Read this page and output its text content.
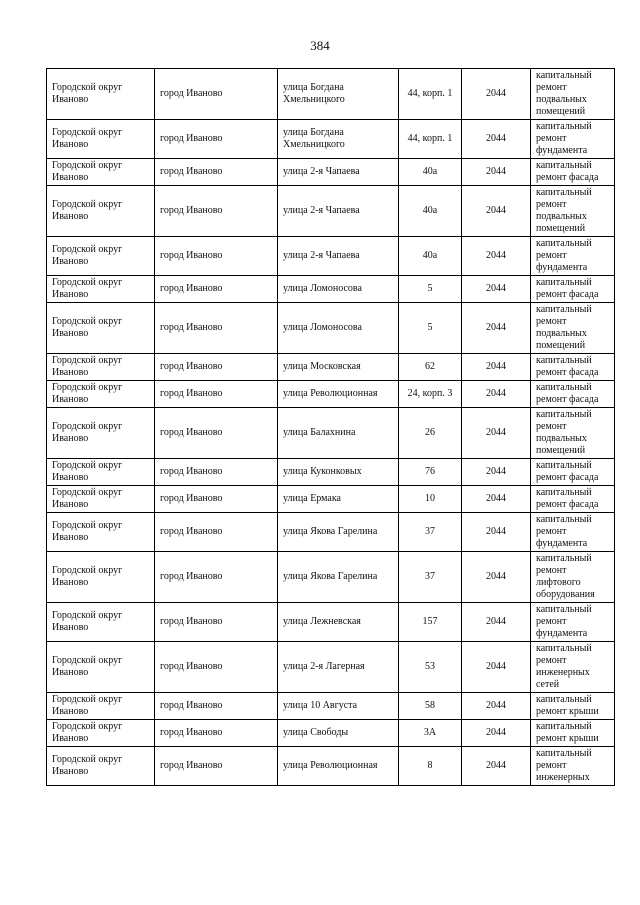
384
Городской округ Иваново	город Иваново	улица Богдана Хмельницкого	44, корп. 1	2044	капитальный ремонт подвальных помещений
Городской округ Иваново	город Иваново	улица Богдана Хмельницкого	44, корп. 1	2044	капитальный ремонт фундамента
Городской округ Иваново	город Иваново	улица 2-я Чапаева	40а	2044	капитальный ремонт фасада
Городской округ Иваново	город Иваново	улица 2-я Чапаева	40а	2044	капитальный ремонт подвальных помещений
Городской округ Иваново	город Иваново	улица 2-я Чапаева	40а	2044	капитальный ремонт фундамента
Городской округ Иваново	город Иваново	улица Ломоносова	5	2044	капитальный ремонт фасада
Городской округ Иваново	город Иваново	улица Ломоносова	5	2044	капитальный ремонт подвальных помещений
Городской округ Иваново	город Иваново	улица Московская	62	2044	капитальный ремонт фасада
Городской округ Иваново	город Иваново	улица Революционная	24, корп. 3	2044	капитальный ремонт фасада
Городской округ Иваново	город Иваново	улица Балахнина	26	2044	капитальный ремонт подвальных помещений
Городской округ Иваново	город Иваново	улица Куконковых	76	2044	капитальный ремонт фасада
Городской округ Иваново	город Иваново	улица Ермака	10	2044	капитальный ремонт фасада
Городской округ Иваново	город Иваново	улица Якова Гарелина	37	2044	капитальный ремонт фундамента
Городской округ Иваново	город Иваново	улица Якова Гарелина	37	2044	капитальный ремонт лифтового оборудования
Городской округ Иваново	город Иваново	улица Лежневская	157	2044	капитальный ремонт фундамента
Городской округ Иваново	город Иваново	улица 2-я Лагерная	53	2044	капитальный ремонт инженерных сетей
Городской округ Иваново	город Иваново	улица 10 Августа	58	2044	капитальный ремонт крыши
Городской округ Иваново	город Иваново	улица Свободы	3А	2044	капитальный ремонт крыши
Городской округ Иваново	город Иваново	улица Революционная	8	2044	капитальный ремонт инженерных
